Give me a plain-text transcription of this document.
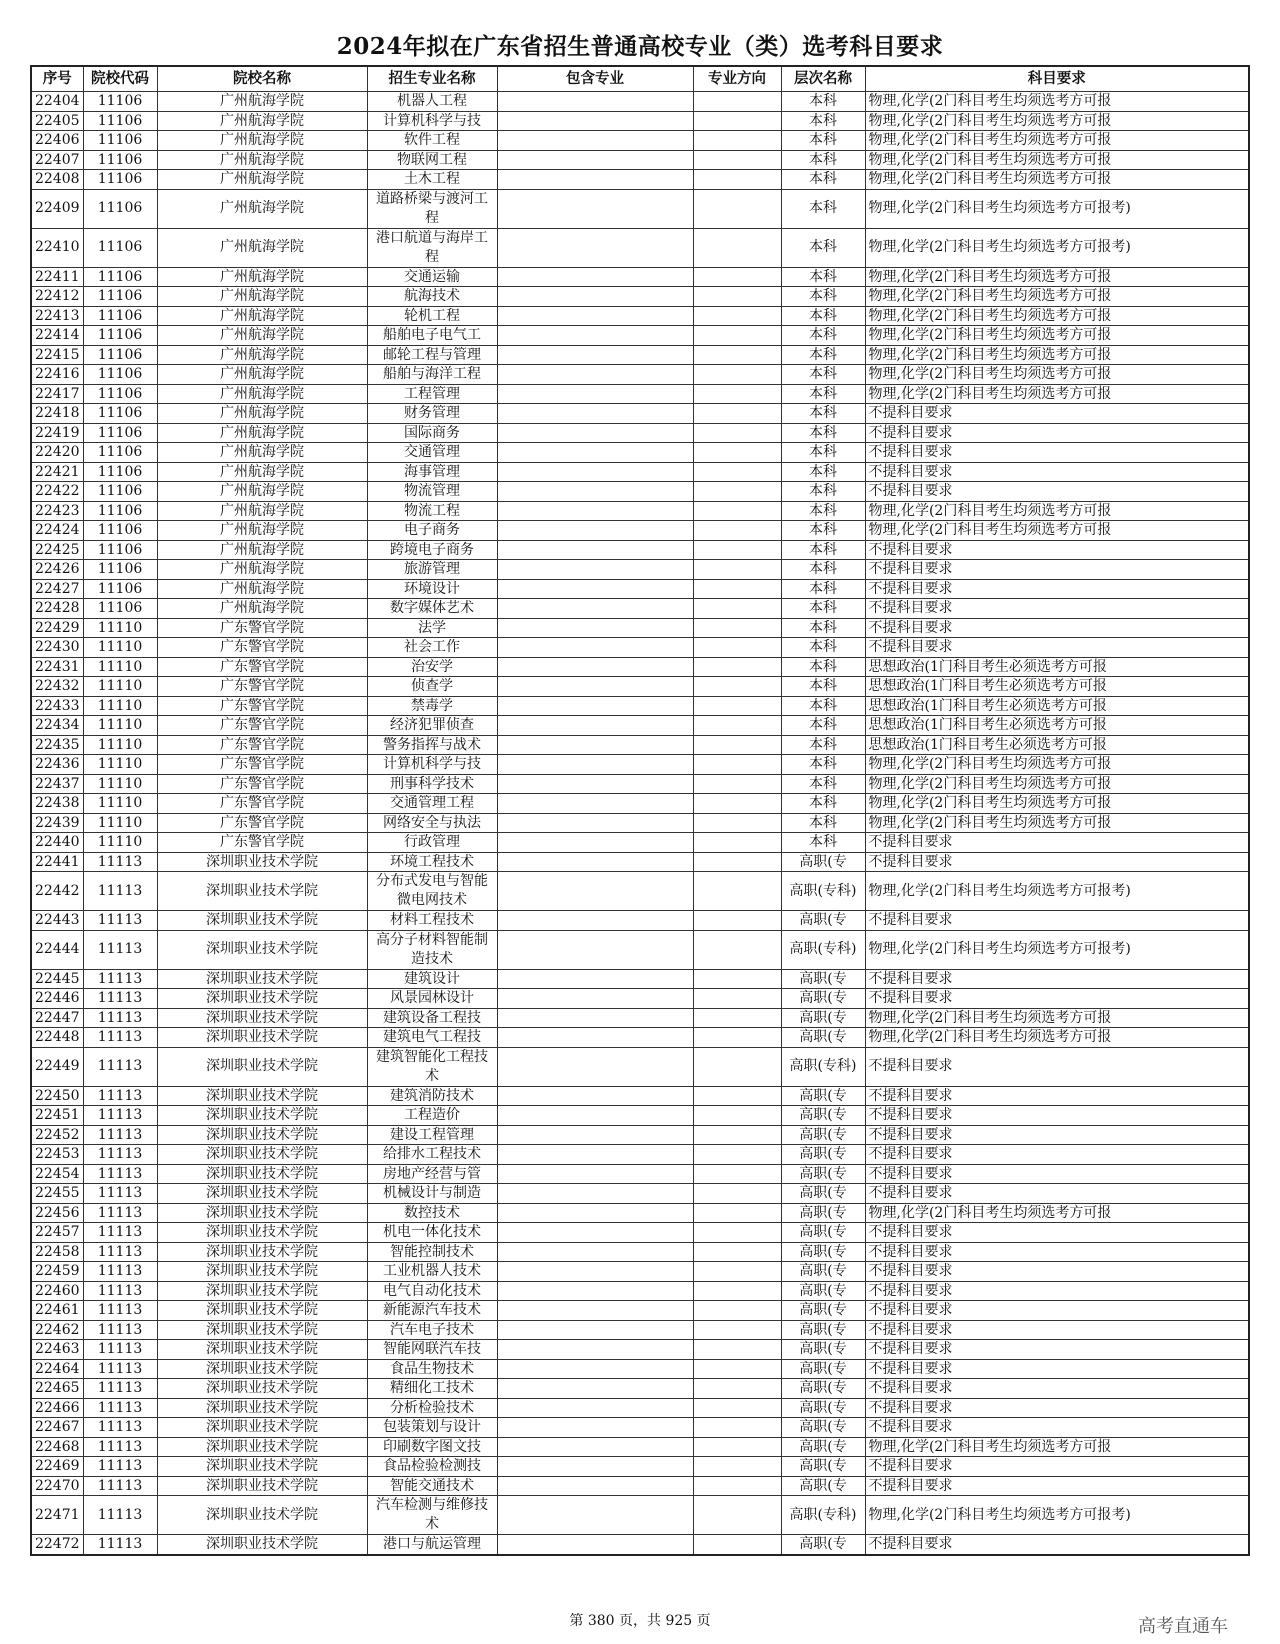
2024年拟在广东省招生普通高校专业（类）选考科目要求
序号	院校代码	院校名称	招生专业名称	包含专业	专业方向	层次名称	科目要求
22404	11106	广州航海学院	机器人工程			本科	物理,化学(2门科目考生均须选考方可报
22405	11106	广州航海学院	计算机科学与技			本科	物理,化学(2门科目考生均须选考方可报
22406	11106	广州航海学院	软件工程			本科	物理,化学(2门科目考生均须选考方可报
22407	11106	广州航海学院	物联网工程			本科	物理,化学(2门科目考生均须选考方可报
22408	11106	广州航海学院	土木工程			本科	物理,化学(2门科目考生均须选考方可报
22409	11106	广州航海学院	道路桥梁与渡河工程			本科	物理,化学(2门科目考生均须选考方可报考)
22410	11106	广州航海学院	港口航道与海岸工程			本科	物理,化学(2门科目考生均须选考方可报考)
22411	11106	广州航海学院	交通运输			本科	物理,化学(2门科目考生均须选考方可报
22412	11106	广州航海学院	航海技术			本科	物理,化学(2门科目考生均须选考方可报
22413	11106	广州航海学院	轮机工程			本科	物理,化学(2门科目考生均须选考方可报
22414	11106	广州航海学院	船舶电子电气工			本科	物理,化学(2门科目考生均须选考方可报
22415	11106	广州航海学院	邮轮工程与管理			本科	物理,化学(2门科目考生均须选考方可报
22416	11106	广州航海学院	船舶与海洋工程			本科	物理,化学(2门科目考生均须选考方可报
22417	11106	广州航海学院	工程管理			本科	物理,化学(2门科目考生均须选考方可报
22418	11106	广州航海学院	财务管理			本科	不提科目要求
22419	11106	广州航海学院	国际商务			本科	不提科目要求
22420	11106	广州航海学院	交通管理			本科	不提科目要求
22421	11106	广州航海学院	海事管理			本科	不提科目要求
22422	11106	广州航海学院	物流管理			本科	不提科目要求
22423	11106	广州航海学院	物流工程			本科	物理,化学(2门科目考生均须选考方可报
22424	11106	广州航海学院	电子商务			本科	物理,化学(2门科目考生均须选考方可报
22425	11106	广州航海学院	跨境电子商务			本科	不提科目要求
22426	11106	广州航海学院	旅游管理			本科	不提科目要求
22427	11106	广州航海学院	环境设计			本科	不提科目要求
22428	11106	广州航海学院	数字媒体艺术			本科	不提科目要求
22429	11110	广东警官学院	法学			本科	不提科目要求
22430	11110	广东警官学院	社会工作			本科	不提科目要求
22431	11110	广东警官学院	治安学			本科	思想政治(1门科目考生必须选考方可报
22432	11110	广东警官学院	侦查学			本科	思想政治(1门科目考生必须选考方可报
22433	11110	广东警官学院	禁毒学			本科	思想政治(1门科目考生必须选考方可报
22434	11110	广东警官学院	经济犯罪侦查			本科	思想政治(1门科目考生必须选考方可报
22435	11110	广东警官学院	警务指挥与战术			本科	思想政治(1门科目考生必须选考方可报
22436	11110	广东警官学院	计算机科学与技			本科	物理,化学(2门科目考生均须选考方可报
22437	11110	广东警官学院	刑事科学技术			本科	物理,化学(2门科目考生均须选考方可报
22438	11110	广东警官学院	交通管理工程			本科	物理,化学(2门科目考生均须选考方可报
22439	11110	广东警官学院	网络安全与执法			本科	物理,化学(2门科目考生均须选考方可报
22440	11110	广东警官学院	行政管理			本科	不提科目要求
22441	11113	深圳职业技术学院	环境工程技术			高职(专	不提科目要求
22442	11113	深圳职业技术学院	分布式发电与智能微电网技术			高职(专科)	物理,化学(2门科目考生均须选考方可报考)
22443	11113	深圳职业技术学院	材料工程技术			高职(专	不提科目要求
22444	11113	深圳职业技术学院	高分子材料智能制造技术			高职(专科)	物理,化学(2门科目考生均须选考方可报考)
22445	11113	深圳职业技术学院	建筑设计			高职(专	不提科目要求
22446	11113	深圳职业技术学院	风景园林设计			高职(专	不提科目要求
22447	11113	深圳职业技术学院	建筑设备工程技			高职(专	物理,化学(2门科目考生均须选考方可报
22448	11113	深圳职业技术学院	建筑电气工程技			高职(专	物理,化学(2门科目考生均须选考方可报
22449	11113	深圳职业技术学院	建筑智能化工程技术			高职(专科)	不提科目要求
22450	11113	深圳职业技术学院	建筑消防技术			高职(专	不提科目要求
22451	11113	深圳职业技术学院	工程造价			高职(专	不提科目要求
22452	11113	深圳职业技术学院	建设工程管理			高职(专	不提科目要求
22453	11113	深圳职业技术学院	给排水工程技术			高职(专	不提科目要求
22454	11113	深圳职业技术学院	房地产经营与管			高职(专	不提科目要求
22455	11113	深圳职业技术学院	机械设计与制造			高职(专	不提科目要求
22456	11113	深圳职业技术学院	数控技术			高职(专	物理,化学(2门科目考生均须选考方可报
22457	11113	深圳职业技术学院	机电一体化技术			高职(专	不提科目要求
22458	11113	深圳职业技术学院	智能控制技术			高职(专	不提科目要求
22459	11113	深圳职业技术学院	工业机器人技术			高职(专	不提科目要求
22460	11113	深圳职业技术学院	电气自动化技术			高职(专	不提科目要求
22461	11113	深圳职业技术学院	新能源汽车技术			高职(专	不提科目要求
22462	11113	深圳职业技术学院	汽车电子技术			高职(专	不提科目要求
22463	11113	深圳职业技术学院	智能网联汽车技			高职(专	不提科目要求
22464	11113	深圳职业技术学院	食品生物技术			高职(专	不提科目要求
22465	11113	深圳职业技术学院	精细化工技术			高职(专	不提科目要求
22466	11113	深圳职业技术学院	分析检验技术			高职(专	不提科目要求
22467	11113	深圳职业技术学院	包装策划与设计			高职(专	不提科目要求
22468	11113	深圳职业技术学院	印刷数字图文技			高职(专	物理,化学(2门科目考生均须选考方可报
22469	11113	深圳职业技术学院	食品检验检测技			高职(专	不提科目要求
22470	11113	深圳职业技术学院	智能交通技术			高职(专	不提科目要求
22471	11113	深圳职业技术学院	汽车检测与维修技术			高职(专科)	物理,化学(2门科目考生均须选考方可报考)
22472	11113	深圳职业技术学院	港口与航运管理			高职(专	不提科目要求
第 380 页，共 925 页	高考直通车
